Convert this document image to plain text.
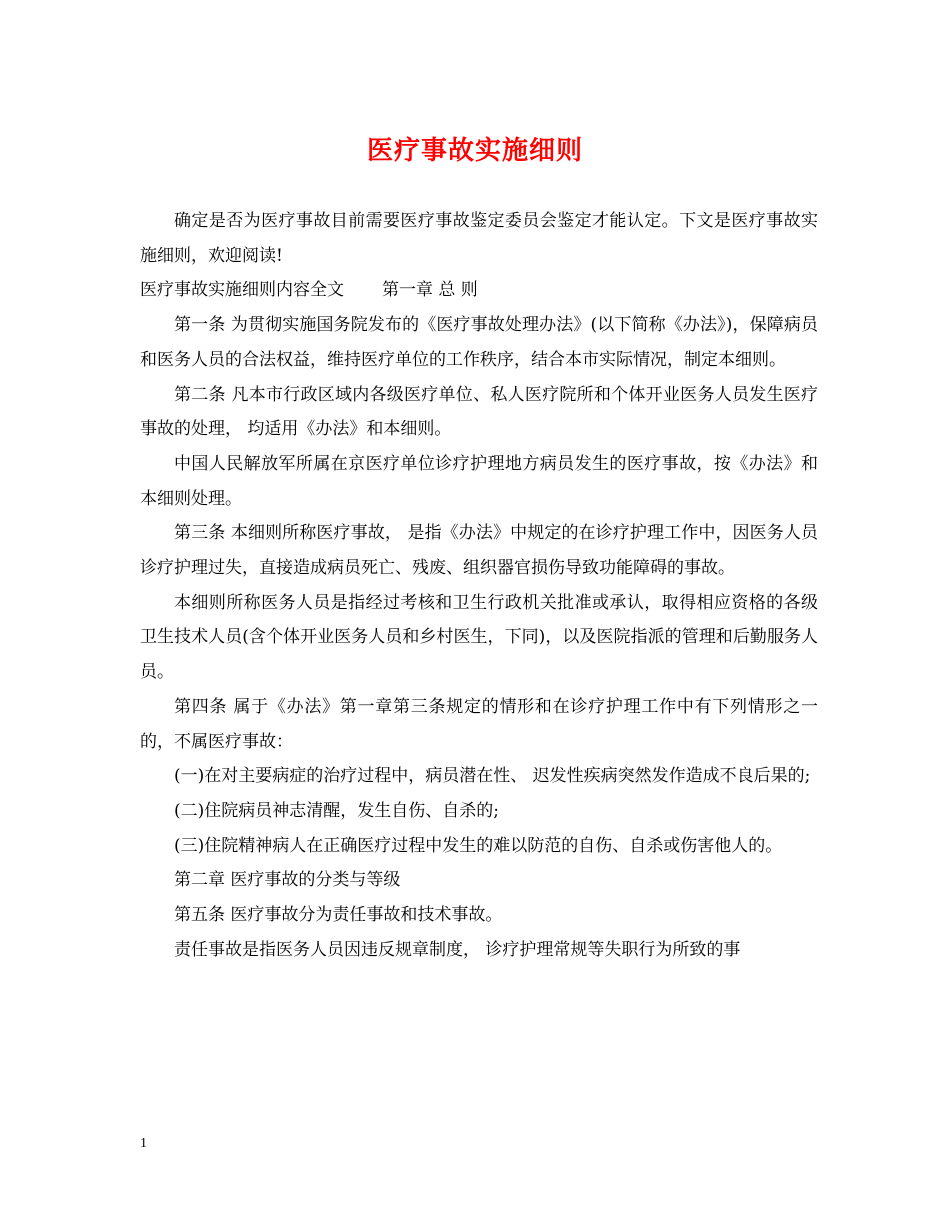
医疗事故实施细则

确定是否为医疗事故目前需要医疗事故鉴定委员会鉴定才能认定。下文是医疗事故实施细则，欢迎阅读!

医疗事故实施细则内容全文 第一章 总 则

第一条 为贯彻实施国务院发布的《医疗事故处理办法》(以下简称《办法》)，保障病员和医务人员的合法权益，维持医疗单位的工作秩序，结合本市实际情况，制定本细则。

第二条 凡本市行政区域内各级医疗单位、私人医疗院所和个体开业医务人员发生医疗事故的处理， 均适用《办法》和本细则。

中国人民解放军所属在京医疗单位诊疗护理地方病员发生的医疗事故，按《办法》和本细则处理。

第三条 本细则所称医疗事故， 是指《办法》中规定的在诊疗护理工作中，因医务人员诊疗护理过失，直接造成病员死亡、残废、组织器官损伤导致功能障碍的事故。

本细则所称医务人员是指经过考核和卫生行政机关批准或承认，取得相应资格的各级卫生技术人员(含个体开业医务人员和乡村医生，下同)，以及医院指派的管理和后勤服务人员。

第四条 属于《办法》第一章第三条规定的情形和在诊疗护理工作中有下列情形之一的，不属医疗事故：

(一)在对主要病症的治疗过程中，病员潜在性、 迟发性疾病突然发作造成不良后果的;

(二)住院病员神志清醒，发生自伤、自杀的;

(三)住院精神病人在正确医疗过程中发生的难以防范的自伤、自杀或伤害他人的。

第二章 医疗事故的分类与等级

第五条 医疗事故分为责任事故和技术事故。

责任事故是指医务人员因违反规章制度， 诊疗护理常规等失职行为所致的事

1
